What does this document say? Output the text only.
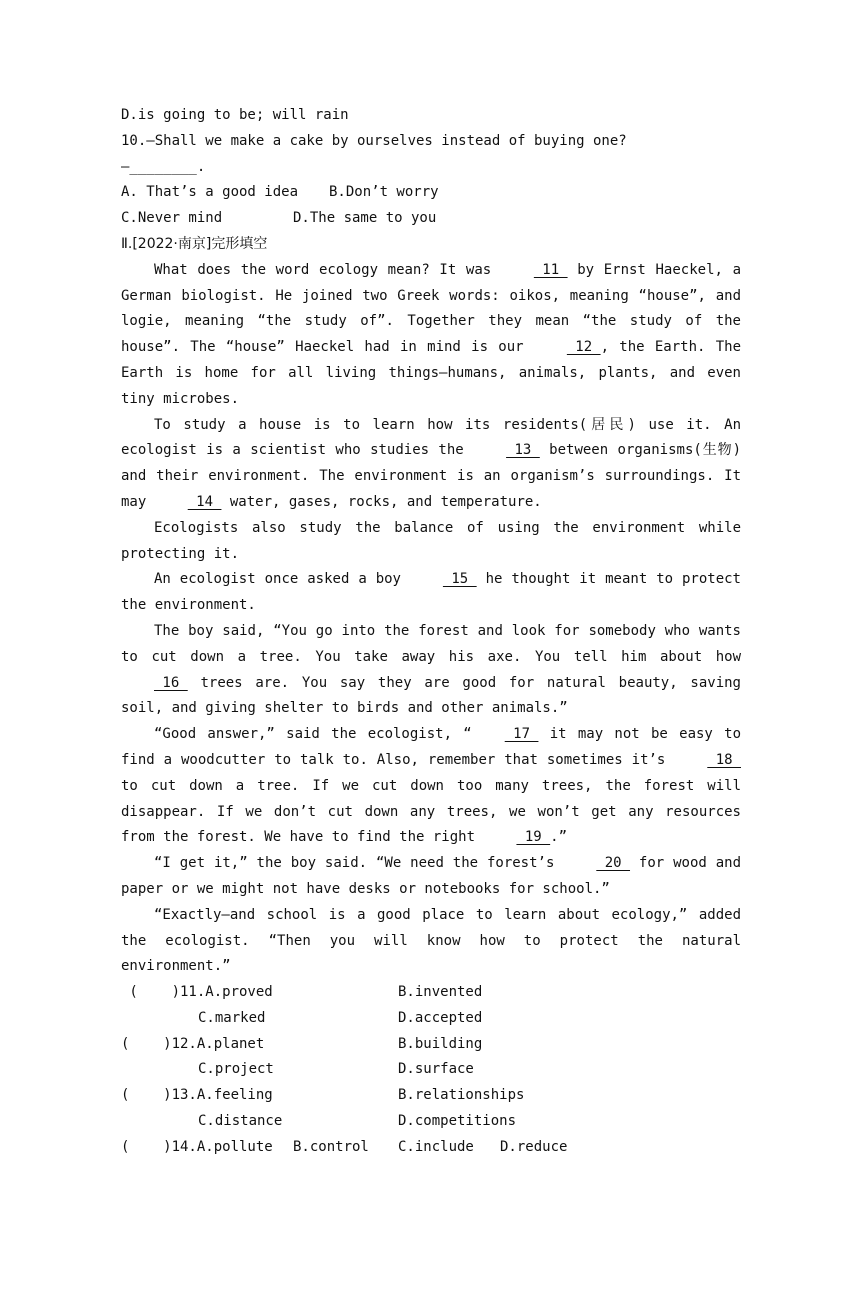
D.is going to be; will rain
10.—Shall we make a cake by ourselves instead of buying one?
—________.

A. That’s a good idea

B.Don’t worry

C.Never mind

	D.The same to you

Ⅱ.[2022·南京]完形填空
What does the word ecology mean? It was  11  by Ernst Haeckel, a German biologist. He joined two Greek words: oikos, meaning “house”, and logie, meaning “the study of”. Together they mean “the study of the house”. The “house” Haeckel had in mind is our  12 , the Earth. The Earth is home for all living things—humans, animals, plants, and even tiny microbes.
To study a house is to learn how its residents(居民) use it. An ecologist is a scientist who studies the  13  between organisms(生物) and their environment. The environment is an organism’s surroundings. It may  14  water, gases, rocks, and temperature.
Ecologists also study the balance of using the environment while protecting it.
An ecologist once asked a boy  15  he thought it meant to protect the environment.
The boy said, “You go into the forest and look for somebody who wants to cut down a tree. You take away his axe. You tell him about how  16  trees are. You say they are good for natural beauty, saving soil, and giving shelter to birds and other animals.”
“Good answer,” said the ecologist, “ 17  it may not be easy to find a woodcutter to talk to. Also, remember that sometimes it’s  18  to cut down a tree. If we cut down too many trees, the forest will disappear. If we don’t cut down any trees, we won’t get any resources from the forest. We have to find the right  19 .”
“I get it,” the boy said. “We need the forest’s  20  for wood and paper or we might not have desks or notebooks for school.”
“Exactly—and school is a good place to learn about ecology,” added the ecologist. “Then you will know how to protect the natural environment.”

(    )11.A.proved

	B.invented

C.marked

	D.accepted

(    )12.A.planet

	B.building

C.project

	D.surface

(    )13.A.feeling

	B.relationships

C.distance

	D.competitions

(    )14.A.pollute

B.control

C.include

D.reduce
